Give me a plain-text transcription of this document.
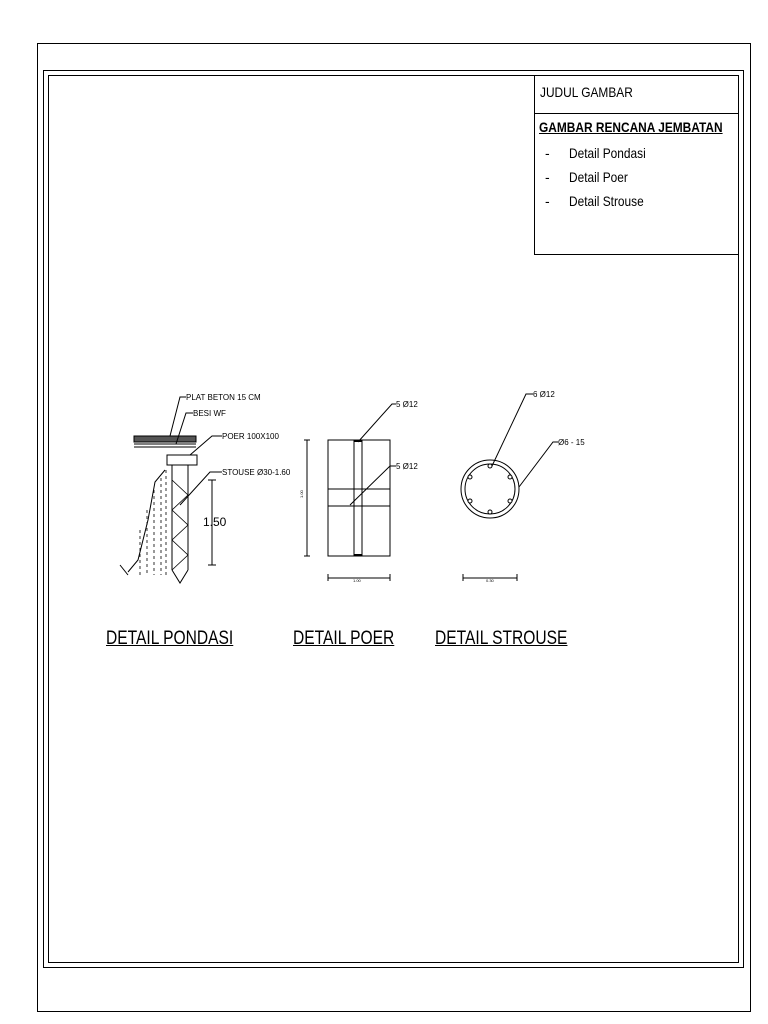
JUDUL GAMBAR
GAMBAR RENCANA JEMBATAN
-	Detail Pondasi
-	Detail Poer
-	Detail Strouse
PLAT BETON 15 CM
BESI WF
POER 100X100
STOUSE Ø30-1.60
1.50
5 Ø12
5 Ø12
1.00
1.00
6 Ø12
Ø6 - 15
0.30
DETAIL PONDASI	DETAIL POER DETAIL STROUSE
